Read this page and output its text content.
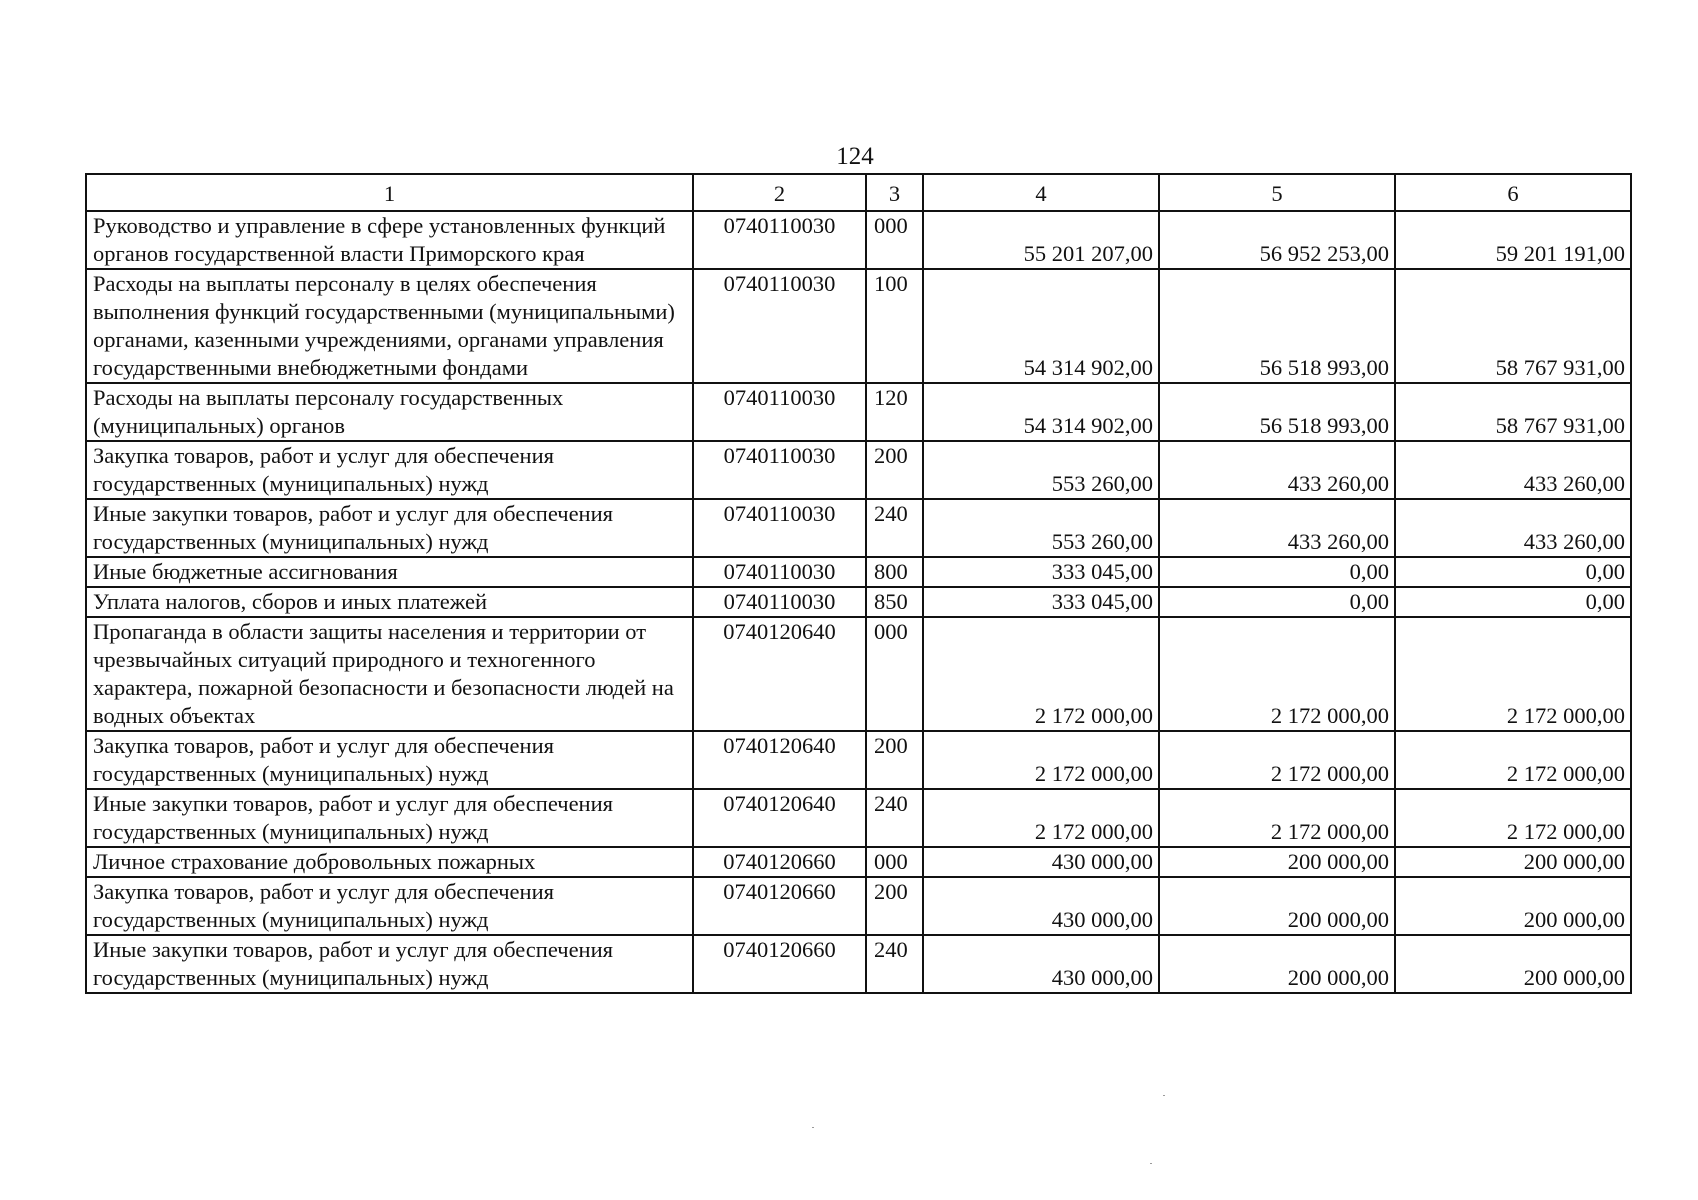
124
1	2	3	4	5	6
Руководство и управление в сфере установленных функций органов государственной власти Приморского края	0740110030	000	55 201 207,00	56 952 253,00	59 201 191,00
Расходы на выплаты персоналу в целях обеспечения выполнения функций государственными (муниципальными) органами, казенными учреждениями, органами управления государственными внебюджетными фондами	0740110030	100	54 314 902,00	56 518 993,00	58 767 931,00
Расходы на выплаты персоналу государственных (муниципальных) органов	0740110030	120	54 314 902,00	56 518 993,00	58 767 931,00
Закупка товаров, работ и услуг для обеспечения государственных (муниципальных) нужд	0740110030	200	553 260,00	433 260,00	433 260,00
Иные закупки товаров, работ и услуг для обеспечения государственных (муниципальных) нужд	0740110030	240	553 260,00	433 260,00	433 260,00
Иные бюджетные ассигнования	0740110030	800	333 045,00	0,00	0,00
Уплата налогов, сборов и иных платежей	0740110030	850	333 045,00	0,00	0,00
Пропаганда в области защиты населения и территории от чрезвычайных ситуаций природного и техногенного характера, пожарной безопасности и безопасности людей на водных объектах	0740120640	000	2 172 000,00	2 172 000,00	2 172 000,00
Закупка товаров, работ и услуг для обеспечения государственных (муниципальных) нужд	0740120640	200	2 172 000,00	2 172 000,00	2 172 000,00
Иные закупки товаров, работ и услуг для обеспечения государственных (муниципальных) нужд	0740120640	240	2 172 000,00	2 172 000,00	2 172 000,00
Личное страхование добровольных пожарных	0740120660	000	430 000,00	200 000,00	200 000,00
Закупка товаров, работ и услуг для обеспечения государственных (муниципальных) нужд	0740120660	200	430 000,00	200 000,00	200 000,00
Иные закупки товаров, работ и услуг для обеспечения государственных (муниципальных) нужд	0740120660	240	430 000,00	200 000,00	200 000,00
